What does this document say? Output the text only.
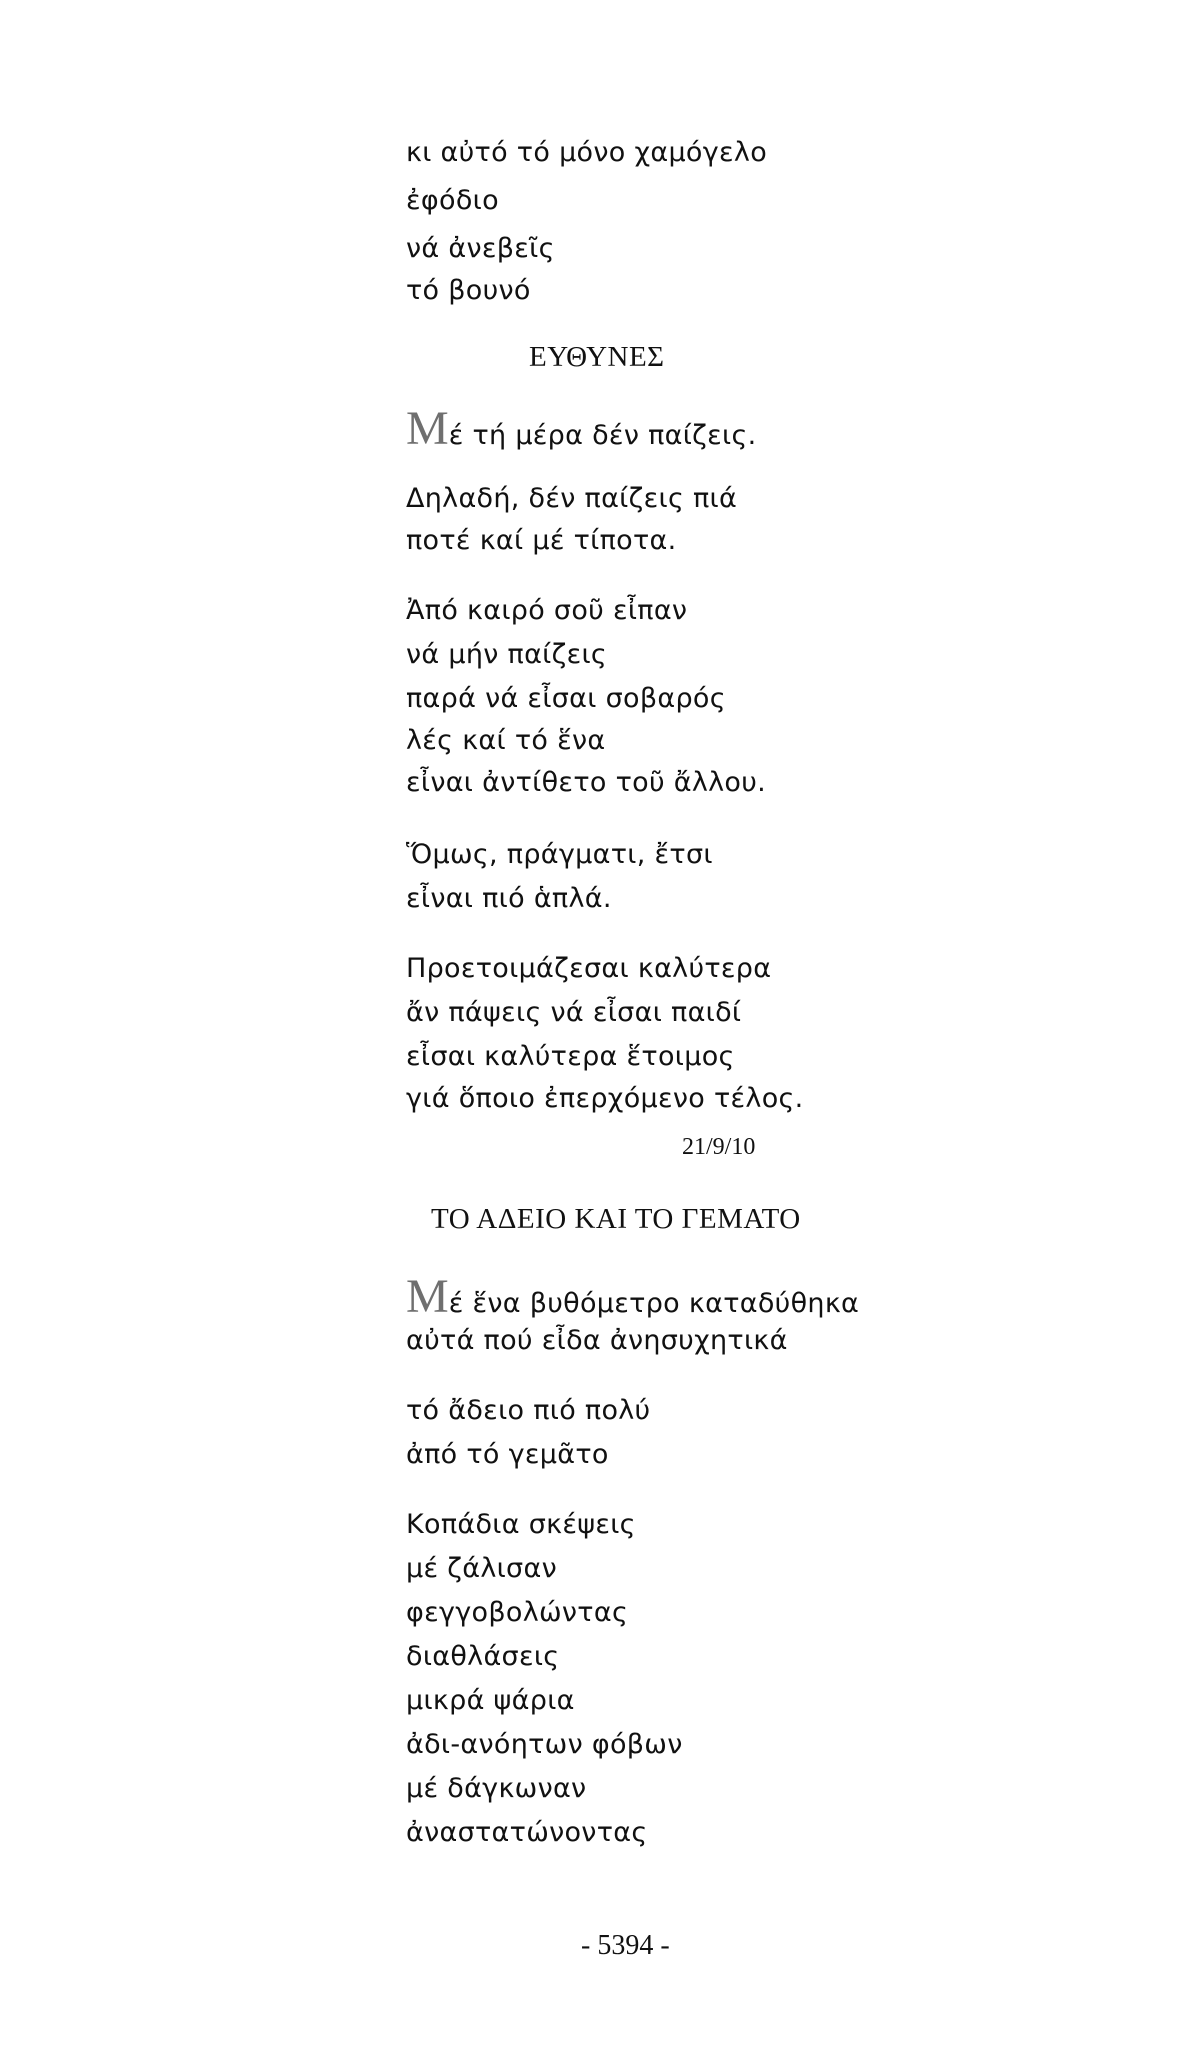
κι αὐτό τό μόνο χαμόγελο
ἐφόδιο
νά ἀνεβεῖς
τό βουνό
ΕΥΘΥΝΕΣ
Μέ τή μέρα δέν παίζεις.
Δηλαδή, δέν παίζεις πιά
ποτέ καί μέ τίποτα.
Ἀπό καιρό σοῦ εἶπαν
νά μήν παίζεις
παρά νά εἶσαι σοβαρός
λές καί τό ἕνα
εἶναι ἀντίθετο τοῦ ἄλλου.
Ὅμως, πράγματι, ἔτσι
εἶναι πιό ἁπλά.
Προετοιμάζεσαι καλύτερα
ἄν πάψεις νά εἶσαι παιδί
εἶσαι καλύτερα ἕτοιμος
γιά ὅποιο ἐπερχόμενο τέλος.
21/9/10
ΤΟ ΑΔΕΙΟ ΚΑΙ ΤΟ ΓΕΜΑΤΟ
Μέ ἕνα βυθόμετρο καταδύθηκα
αὐτά πού εἶδα ἀνησυχητικά
τό ἄδειο πιό πολύ
ἀπό τό γεμᾶτο
Κοπάδια σκέψεις
μέ ζάλισαν
φεγγοβολώντας
διαθλάσεις
μικρά ψάρια
ἀδι-ανόητων φόβων
μέ δάγκωναν
ἀναστατώνοντας
- 5394 -
